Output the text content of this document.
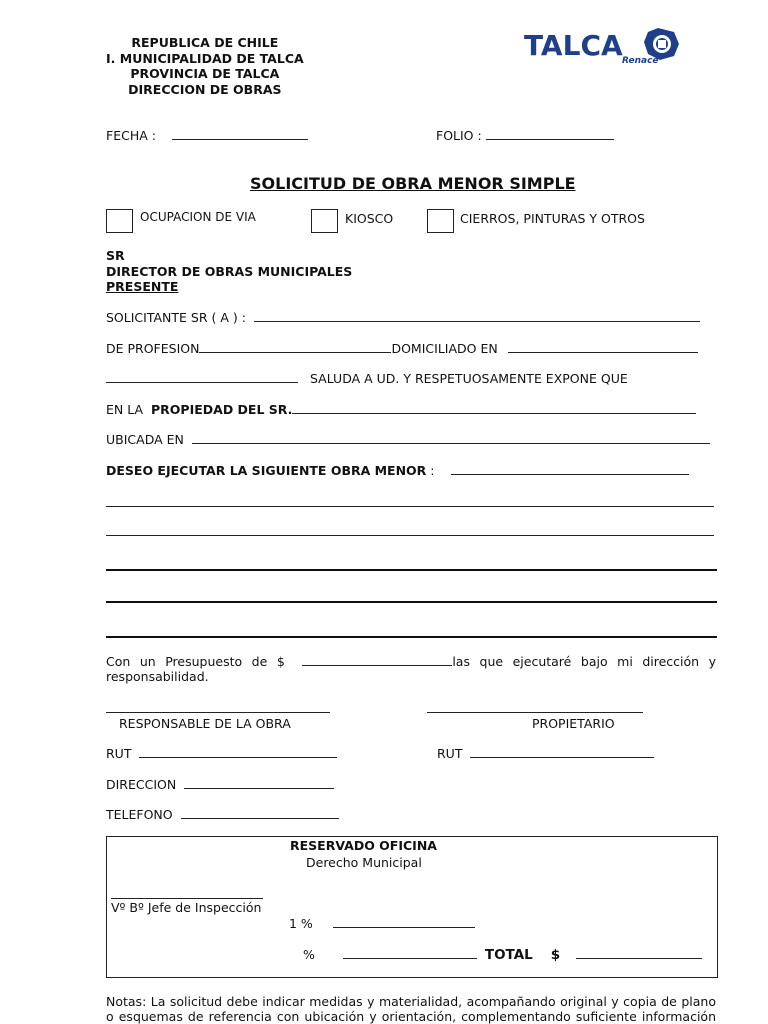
REPUBLICA DE CHILE
I. MUNICIPALIDAD DE TALCA
PROVINCIA DE TALCA
DIRECCION DE OBRAS
TALCA Renace
FECHA :	FOLIO :
SOLICITUD DE OBRA MENOR SIMPLE
OCUPACION DE VIA	KIOSCO	CIERROS, PINTURAS Y OTROS
SR
DIRECTOR DE OBRAS MUNICIPALES
PRESENTE
SOLICITANTE SR ( A ) :
DE PROFESION	DOMICILIADO EN
SALUDA A UD. Y RESPETUOSAMENTE EXPONE QUE
EN LA PROPIEDAD DEL SR.
UBICADA EN
DESEO EJECUTAR LA SIGUIENTE OBRA MENOR :
Con un Presupuesto de $	las que ejecutaré bajo mi dirección y
responsabilidad.
RESPONSABLE DE LA OBRA	PROPIETARIO
RUT	RUT
DIRECCION
TELEFONO
RESERVADO OFICINA
Derecho Municipal
Vº Bº Jefe de Inspección
1 %
%	TOTAL $
Notas: La solicitud debe indicar medidas y materialidad, acompañando original y copia de plano
o esquemas de referencia con ubicación y orientación, complementando suficiente información
